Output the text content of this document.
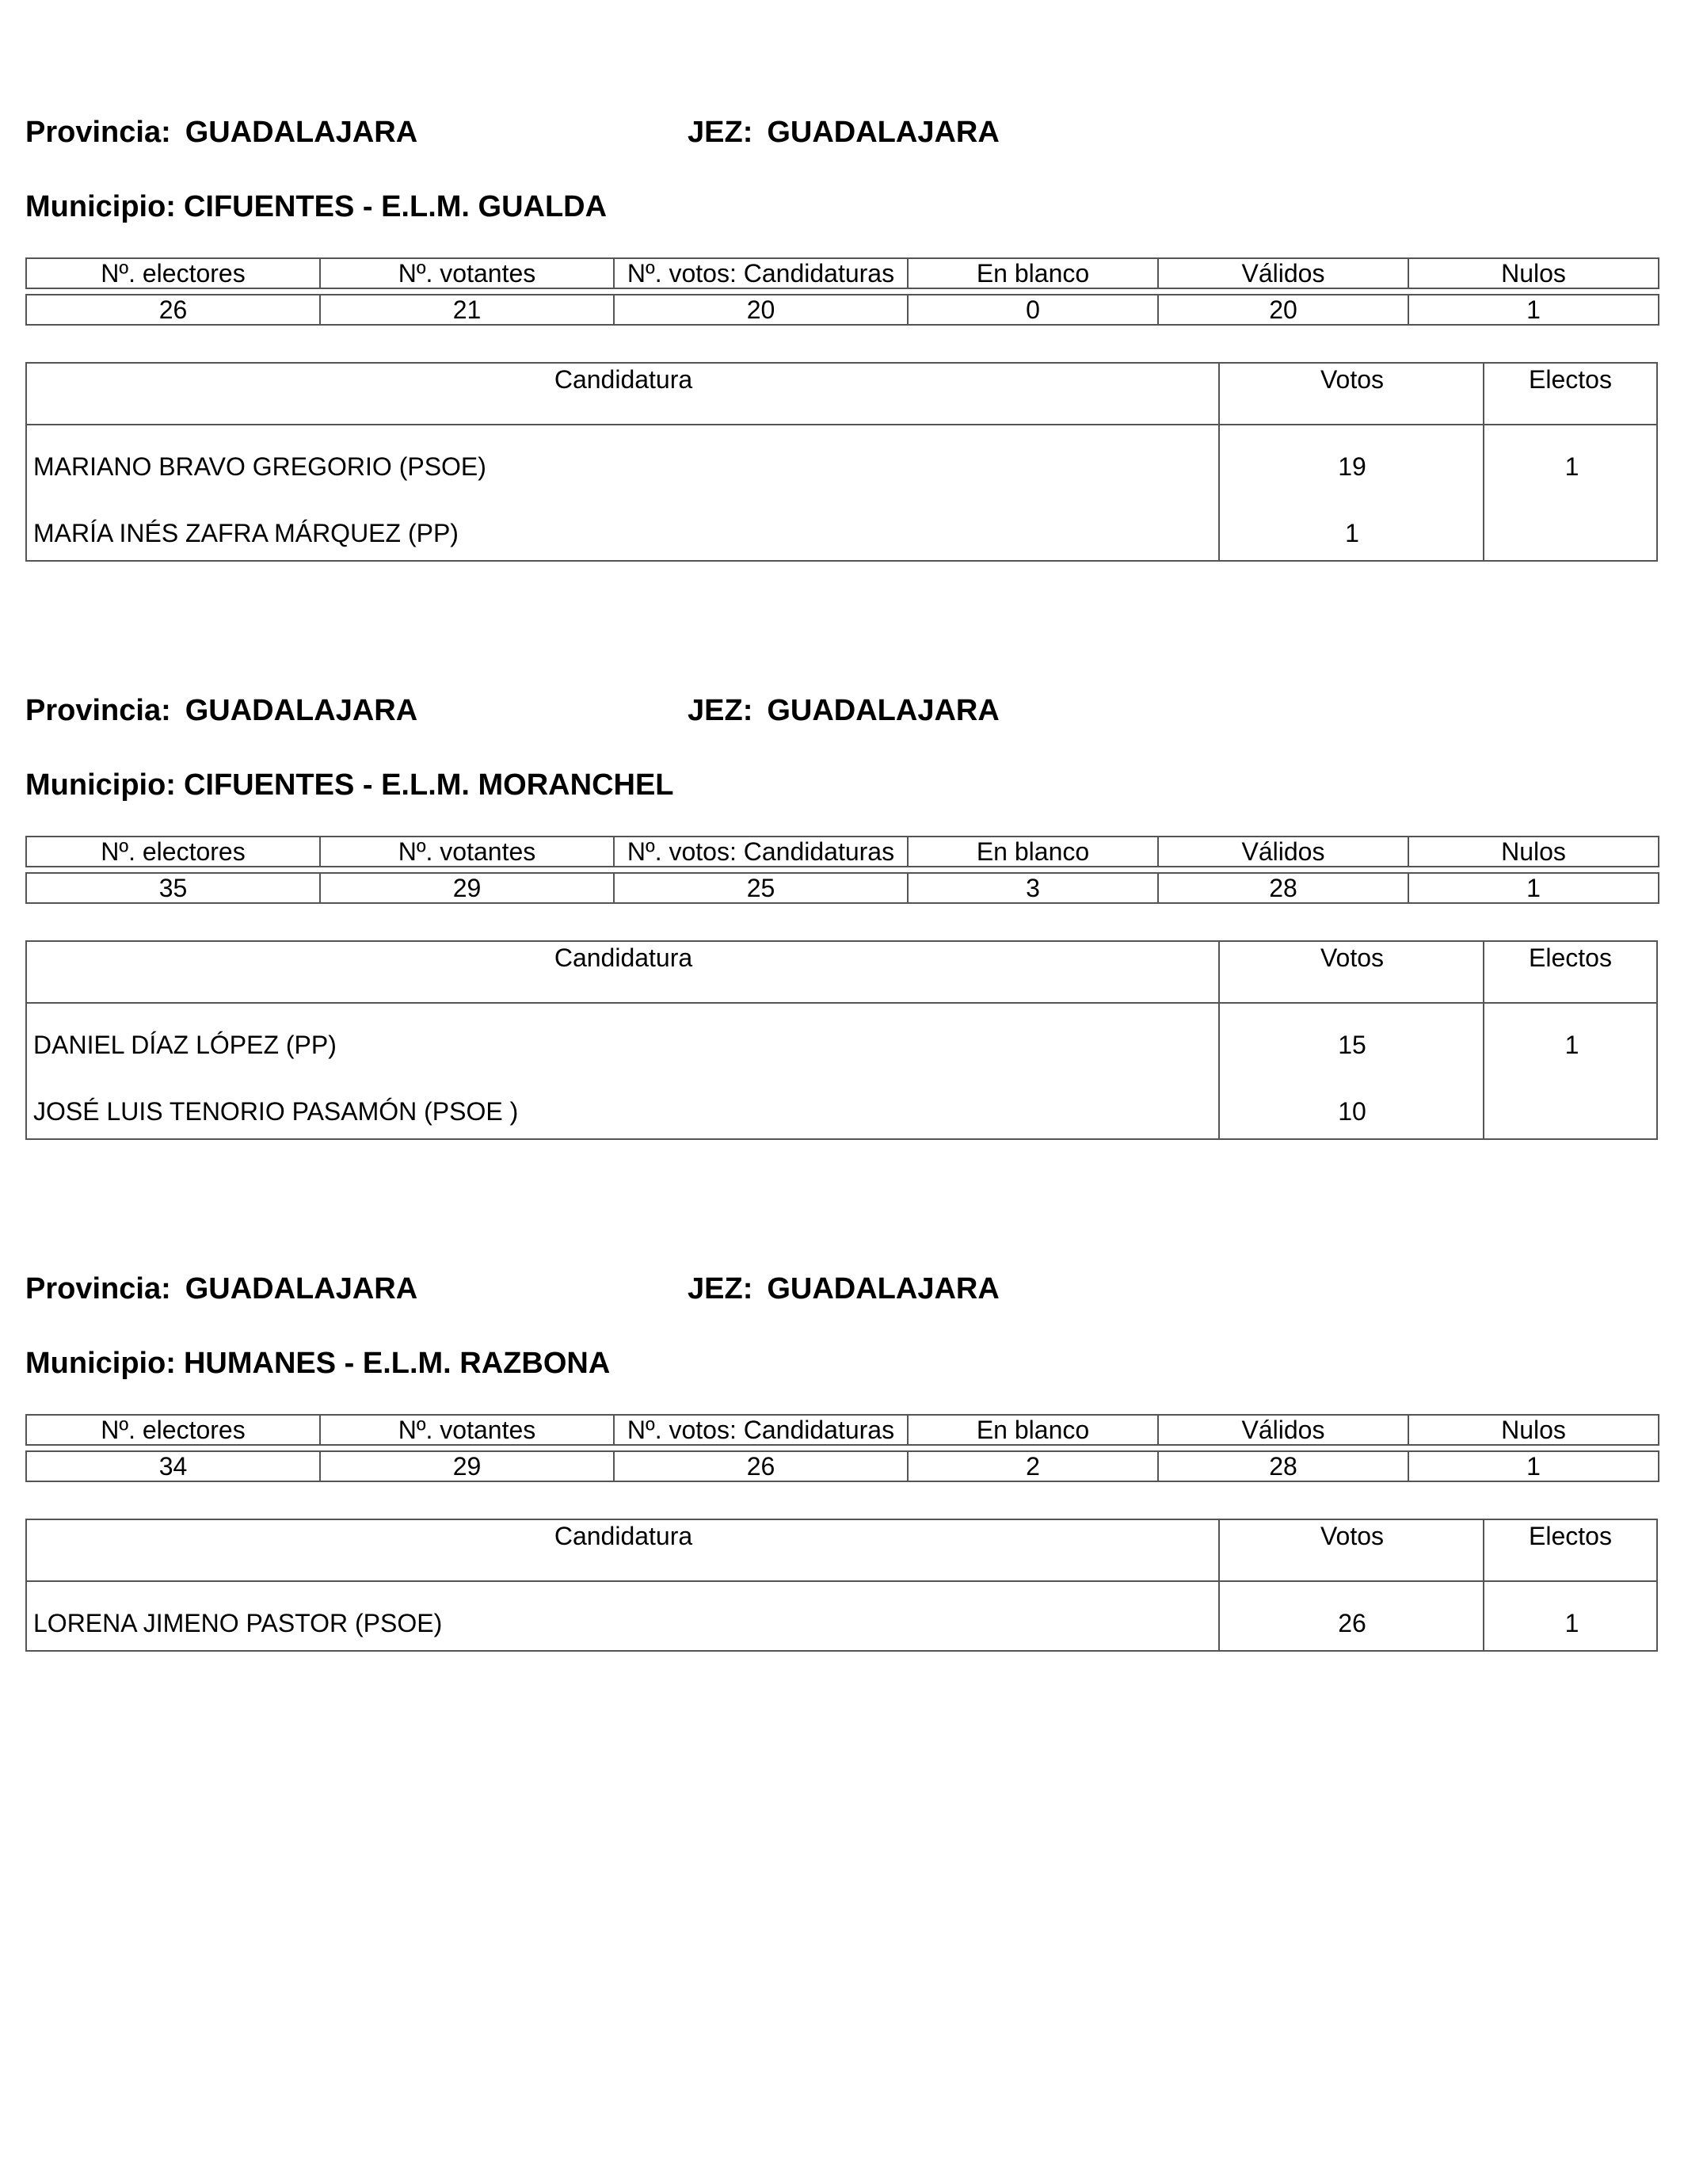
Provincia: GUADALAJARA	JEZ: GUADALAJARA
Municipio: CIFUENTES - E.L.M. GUALDA
Nº. electores	Nº. votantes	Nº. votos: Candidaturas	En blanco	Válidos	Nulos

26	21	20	0	20	1
Candidatura	Votos	Electos
MARIANO BRAVO GREGORIO (PSOE)	19	1
MARÍA INÉS ZAFRA MÁRQUEZ (PP)	1
Provincia: GUADALAJARA	JEZ: GUADALAJARA
Municipio: CIFUENTES - E.L.M. MORANCHEL
Nº. electores	Nº. votantes	Nº. votos: Candidaturas	En blanco	Válidos	Nulos

35	29	25	3	28	1
Candidatura	Votos	Electos
DANIEL DÍAZ LÓPEZ (PP)	15	1
JOSÉ LUIS TENORIO PASAMÓN (PSOE )	10
Provincia: GUADALAJARA	JEZ: GUADALAJARA
Municipio: HUMANES - E.L.M. RAZBONA
Nº. electores	Nº. votantes	Nº. votos: Candidaturas	En blanco	Válidos	Nulos

34	29	26	2	28	1
Candidatura	Votos	Electos
LORENA JIMENO PASTOR (PSOE)	26	1
